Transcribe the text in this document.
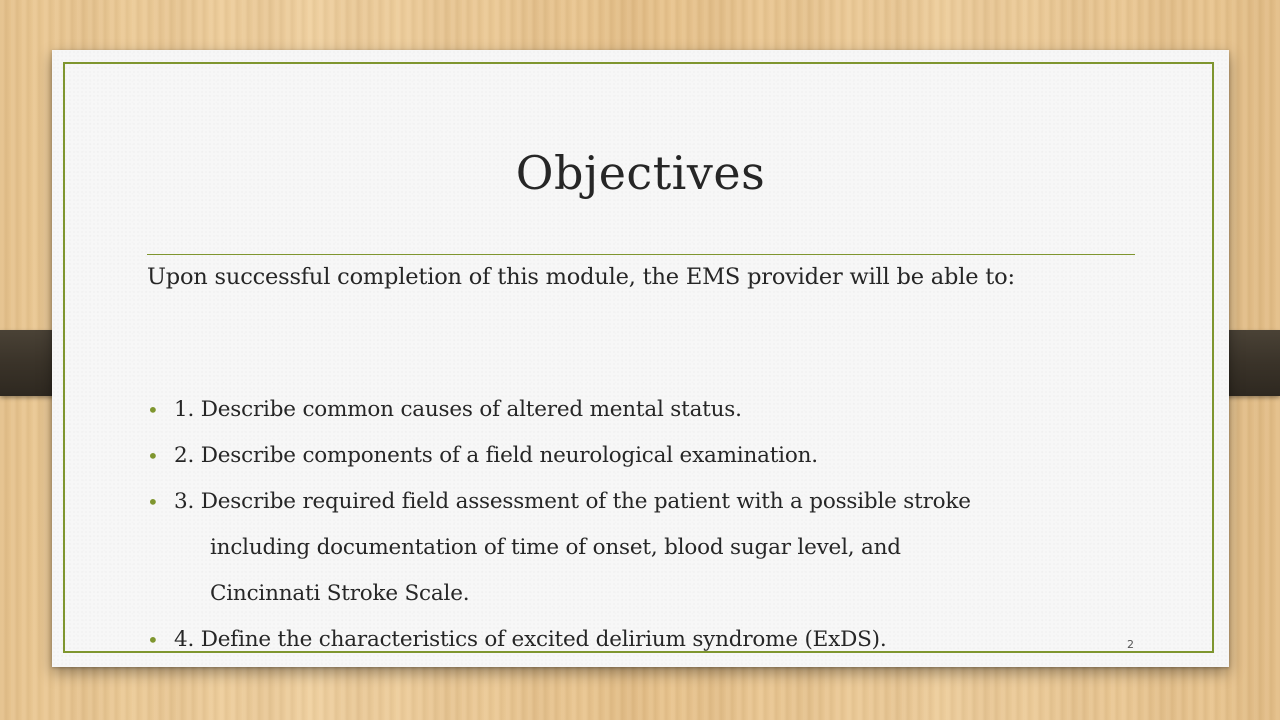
Objectives
Upon successful completion of this module, the EMS provider will be able to:
• 1. Describe common causes of altered mental status.
• 2. Describe components of a field neurological examination.
• 3. Describe required field assessment of the patient with a possible stroke
including documentation of time of onset, blood sugar level, and
Cincinnati Stroke Scale.
• 4. Define the characteristics of excited delirium syndrome (ExDS).	2
